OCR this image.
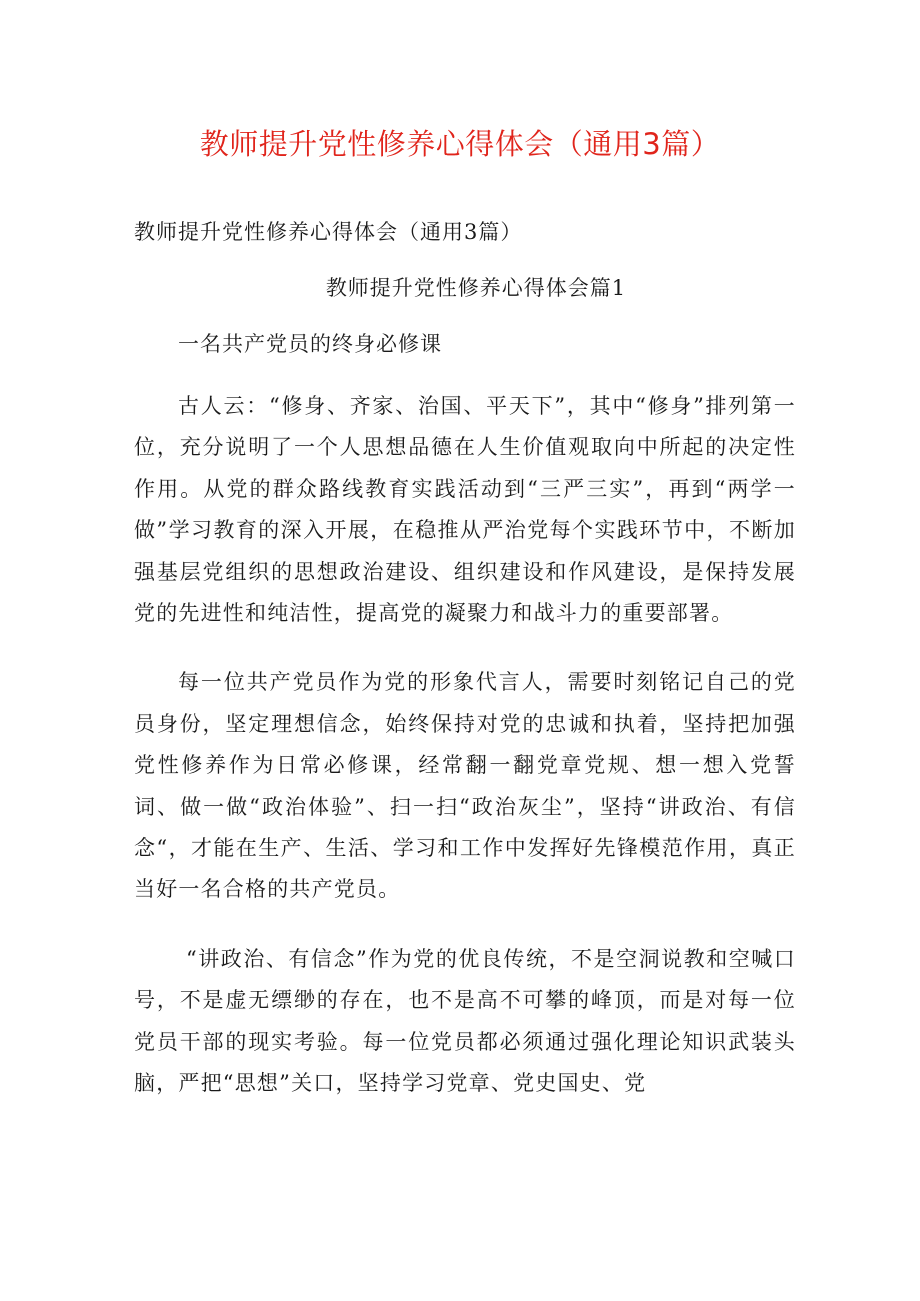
教师提升党性修养心得体会（通用3篇）

教师提升党性修养心得体会（通用3篇）

教师提升党性修养心得体会篇1

一名共产党员的终身必修课

古人云：“修身、齐家、治国、平天下”，其中“修身”排列第一位，充分说明了一个人思想品德在人生价值观取向中所起的决定性作用。从党的群众路线教育实践活动到“三严三实”，再到“两学一做”学习教育的深入开展，在稳推从严治党每个实践环节中，不断加强基层党组织的思想政治建设、组织建设和作风建设，是保持发展党的先进性和纯洁性，提高党的凝聚力和战斗力的重要部署。

每一位共产党员作为党的形象代言人，需要时刻铭记自己的党员身份，坚定理想信念，始终保持对党的忠诚和执着，坚持把加强党性修养作为日常必修课，经常翻一翻党章党规、想一想入党誓词、做一做“政治体验”、扫一扫“政治灰尘”，坚持“讲政治、有信念“，才能在生产、生活、学习和工作中发挥好先锋模范作用，真正当好一名合格的共产党员。

“讲政治、有信念”作为党的优良传统，不是空洞说教和空喊口号，不是虚无缥缈的存在，也不是高不可攀的峰顶，而是对每一位党员干部的现实考验。每一位党员都必须通过强化理论知识武装头脑，严把“思想”关口，坚持学习党章、党史国史、党
